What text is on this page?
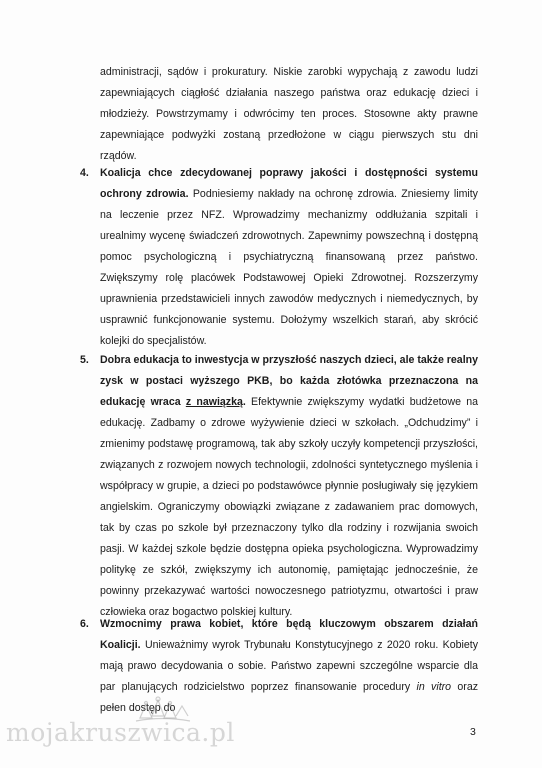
administracji, sądów i prokuratury. Niskie zarobki wypychają z zawodu ludzi zapewniających ciągłość działania naszego państwa oraz edukację dzieci i młodzieży. Powstrzymamy i odwrócimy ten proces. Stosowne akty prawne zapewniające podwyżki zostaną przedłożone w ciągu pierwszych stu dni rządów.
4. Koalicja chce zdecydowanej poprawy jakości i dostępności systemu ochrony zdrowia. Podniesiemy nakłady na ochronę zdrowia. Zniesiemy limity na leczenie przez NFZ. Wprowadzimy mechanizmy oddłużania szpitali i urealnimy wycenę świadczeń zdrowotnych. Zapewnimy powszechną i dostępną pomoc psychologiczną i psychiatryczną finansowaną przez państwo. Zwiększymy rolę placówek Podstawowej Opieki Zdrowotnej. Rozszerzymy uprawnienia przedstawicieli innych zawodów medycznych i niemedycznych, by usprawnić funkcjonowanie systemu. Dołożymy wszelkich starań, aby skrócić kolejki do specjalistów.
5. Dobra edukacja to inwestycja w przyszłość naszych dzieci, ale także realny zysk w postaci wyższego PKB, bo każda złotówka przeznaczona na edukację wraca z nawiązką. Efektywnie zwiększymy wydatki budżetowe na edukację. Zadbamy o zdrowe wyżywienie dzieci w szkołach. „Odchudzimy” i zmienimy podstawę programową, tak aby szkoły uczyły kompetencji przyszłości, związanych z rozwojem nowych technologii, zdolności syntetycznego myślenia i współpracy w grupie, a dzieci po podstawówce płynnie posługiwały się językiem angielskim. Ograniczymy obowiązki związane z zadawaniem prac domowych, tak by czas po szkole był przeznaczony tylko dla rodziny i rozwijania swoich pasji. W każdej szkole będzie dostępna opieka psychologiczna. Wyprowadzimy politykę ze szkół, zwiększymy ich autonomię, pamiętając jednocześnie, że powinny przekazywać wartości nowoczesnego patriotyzmu, otwartości i praw człowieka oraz bogactwo polskiej kultury.
6. Wzmocnimy prawa kobiet, które będą kluczowym obszarem działań Koalicji. Unieważnimy wyrok Trybunału Konstytucyjnego z 2020 roku. Kobiety mają prawo decydowania o sobie. Państwo zapewni szczególne wsparcie dla par planujących rodzicielstwo poprzez finansowanie procedury in vitro oraz pełen dostęp do
mojakruszwica.pl	3
